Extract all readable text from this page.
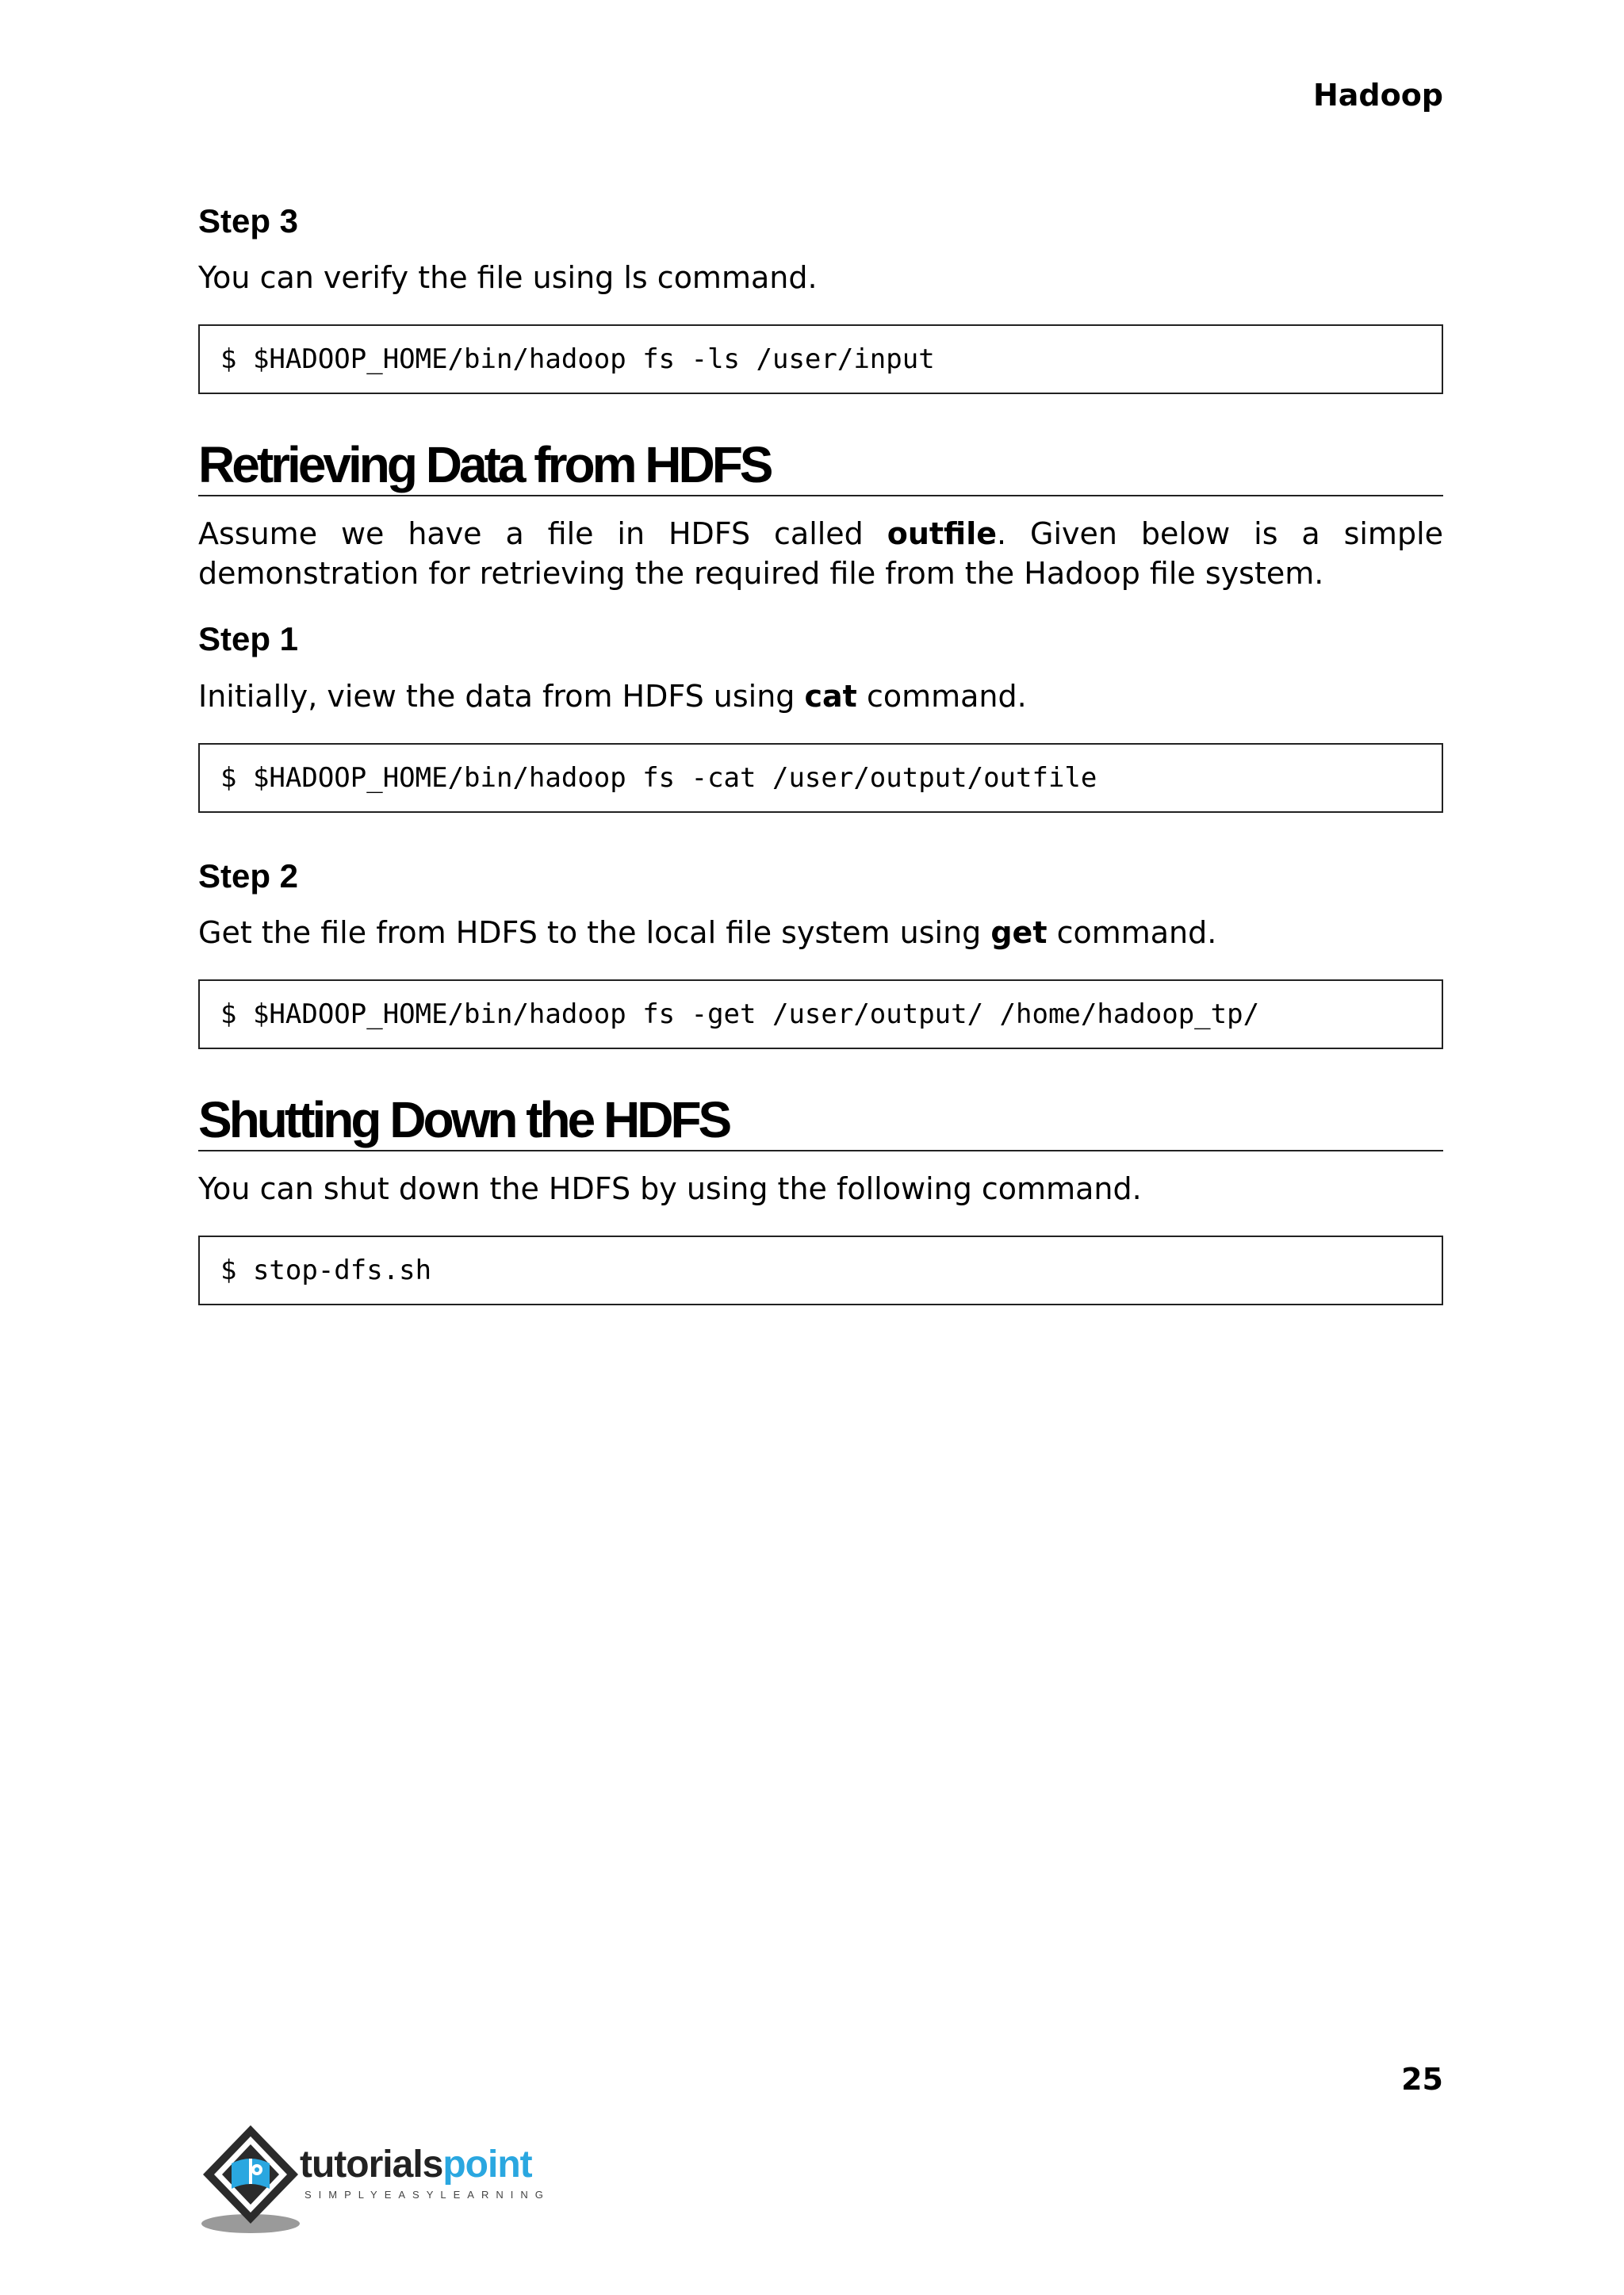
Hadoop
Step 3

You can verify the file using ls command.

$ $HADOOP_HOME/bin/hadoop fs -ls /user/input
Retrieving Data from HDFS

Assume we have a file in HDFS called outfile. Given below is a simple demonstration for retrieving the required file from the Hadoop file system.

Step 1

Initially, view the data from HDFS using cat command.

$ $HADOOP_HOME/bin/hadoop fs -cat /user/output/outfile
Step 2

Get the file from HDFS to the local file system using get command.

$ $HADOOP_HOME/bin/hadoop fs -get /user/output/ /home/hadoop_tp/
Shutting Down the HDFS

You can shut down the HDFS by using the following command.

$ stop-dfs.sh
25
tutorialspoint
SIMPLYEASYLEARNING
